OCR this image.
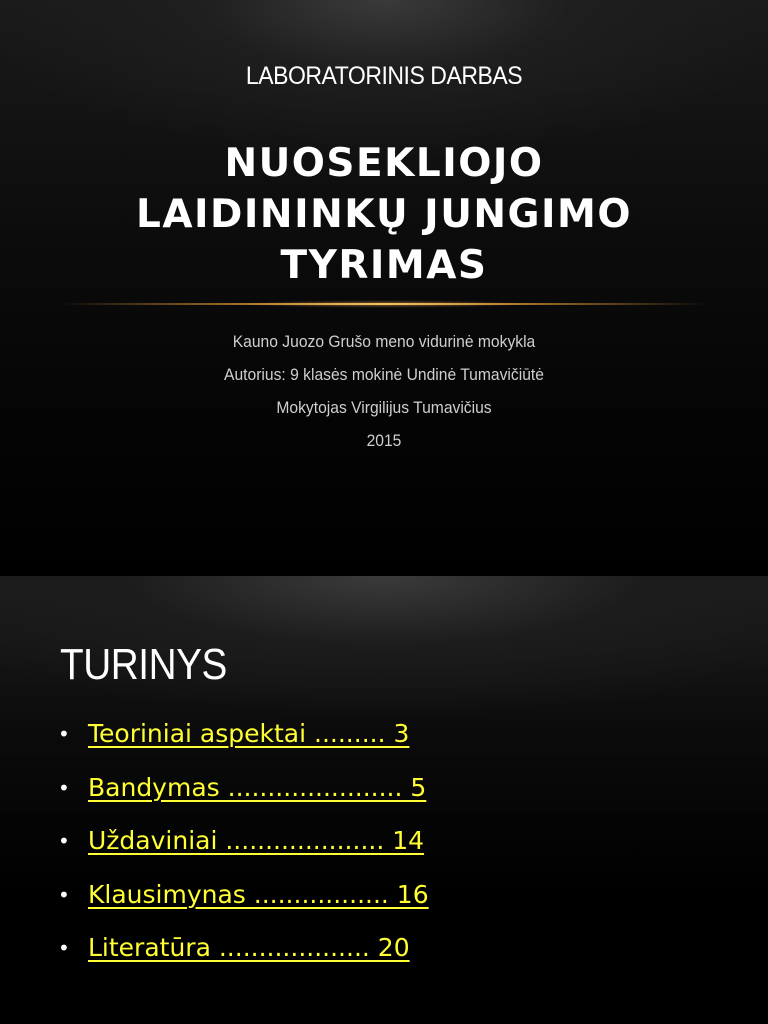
LABORATORINIS DARBAS
NUOSEKLIOJO
LAIDININKŲ JUNGIMO
TYRIMAS
Kauno Juozo Grušo meno vidurinė mokykla
Autorius: 9 klasės mokinė Undinė Tumavičiūtė
Mokytojas Virgilijus Tumavičius
2015
TURINYS
• Teoriniai aspektai ......... 3
• Bandymas ...................... 5
• Uždaviniai .................... 14
• Klausimynas ................. 16
• Literatūra ................... 20
